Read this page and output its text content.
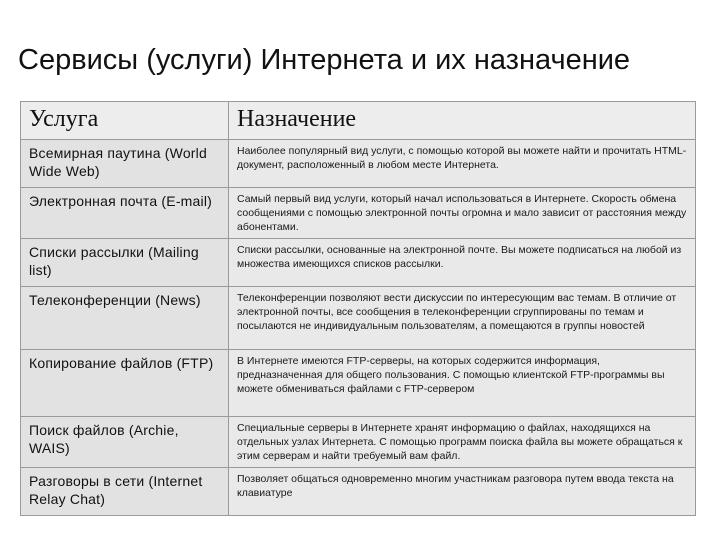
Сервисы (услуги) Интернета и их назначение
Услуга	Назначение
Всемирная паутина (World Wide Web)	Наиболее популярный вид услуги, с помощью которой вы можете найти и прочитать HTML-документ, расположенный в любом месте Интернета.
Электронная почта (E-mail)	Самый первый вид услуги, который начал использоваться в Интернете. Скорость обмена сообщениями с помощью электронной почты огромна и мало зависит от расстояния между абонентами.
Списки рассылки (Mailing list)	Списки рассылки, основанные на электронной почте. Вы можете подписаться на любой из множества имеющихся списков рассылки.
Телеконференции (News)	Телеконференции позволяют вести дискуссии по интересующим вас темам. В отличие от электронной почты, все сообщения в телеконференции сгруппированы по темам и посылаются не индивидуальным пользователям, а помещаются в группы новостей
Копирование файлов (FTP)	В Интернете имеются FTP-серверы, на которых содержится информация, предназначенная для общего пользования. С помощью клиентской FTP-программы вы можете обмениваться файлами с FTP-сервером
Поиск файлов (Archie, WAIS)	Специальные серверы в Интернете хранят информацию о файлах, находящихся на отдельных узлах Интернета. С помощью программ поиска файла вы можете обращаться к этим серверам и найти требуемый вам файл.
Разговоры в сети (Internet Relay Chat)	Позволяет общаться одновременно многим участникам разговора путем ввода текста на клавиатуре
